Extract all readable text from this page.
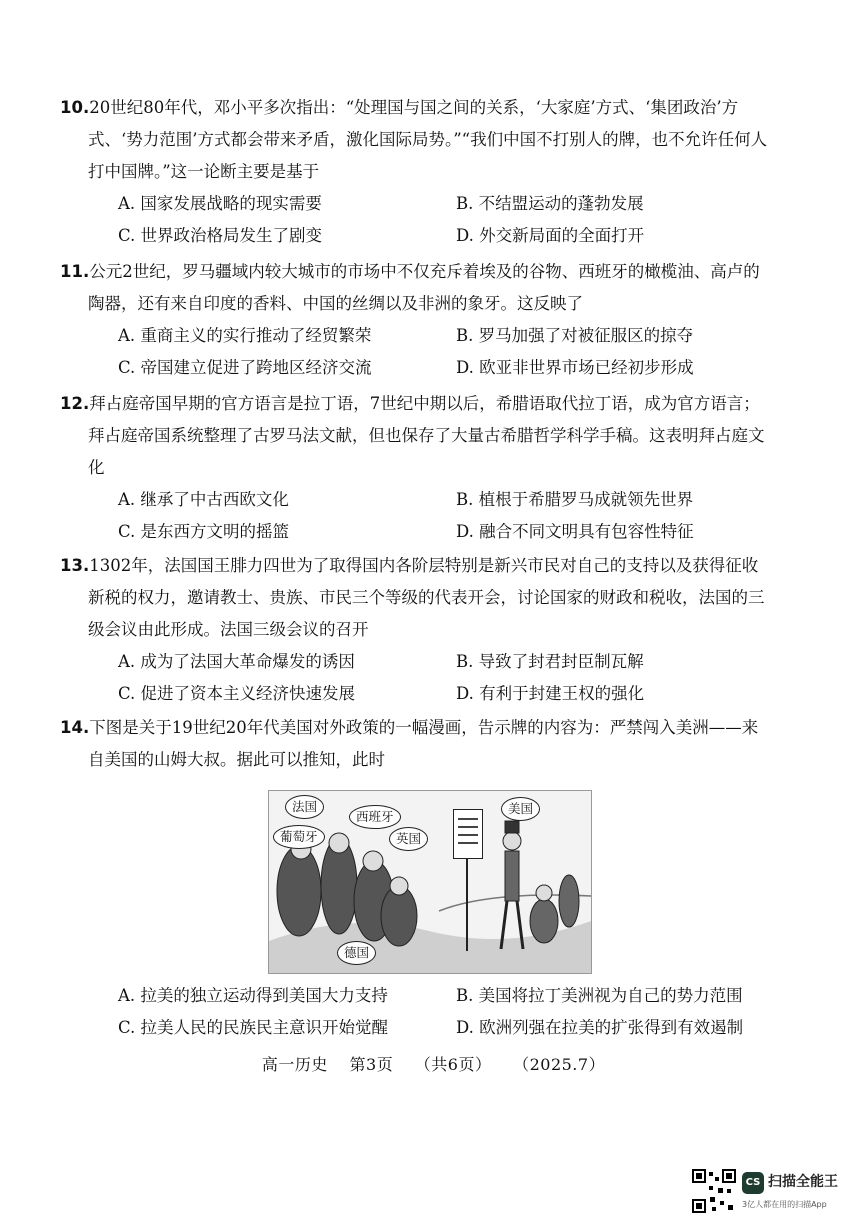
10.20世纪80年代，邓小平多次指出：“处理国与国之间的关系，‘大家庭’方式、‘集团政治’方式、‘势力范围’方式都会带来矛盾，激化国际局势。”“我们中国不打别人的牌，也不允许任何人打中国牌。”这一论断主要是基于
A. 国家发展战略的现实需要	B. 不结盟运动的蓬勃发展
C. 世界政治格局发生了剧变	D. 外交新局面的全面打开
11.公元2世纪，罗马疆域内较大城市的市场中不仅充斥着埃及的谷物、西班牙的橄榄油、高卢的陶器，还有来自印度的香料、中国的丝绸以及非洲的象牙。这反映了
A. 重商主义的实行推动了经贸繁荣	B. 罗马加强了对被征服区的掠夺
C. 帝国建立促进了跨地区经济交流	D. 欧亚非世界市场已经初步形成
12.拜占庭帝国早期的官方语言是拉丁语，7世纪中期以后，希腊语取代拉丁语，成为官方语言；拜占庭帝国系统整理了古罗马法文献，但也保存了大量古希腊哲学科学手稿。这表明拜占庭文化
A. 继承了中古西欧文化	B. 植根于希腊罗马成就领先世界
C. 是东西方文明的摇篮	D. 融合不同文明具有包容性特征
13.1302年，法国国王腓力四世为了取得国内各阶层特别是新兴市民对自己的支持以及获得征收新税的权力，邀请教士、贵族、市民三个等级的代表开会，讨论国家的财政和税收，法国的三级会议由此形成。法国三级会议的召开
A. 成为了法国大革命爆发的诱因	B. 导致了封君封臣制瓦解
C. 促进了资本主义经济快速发展	D. 有利于封建王权的强化
14.下图是关于19世纪20年代美国对外政策的一幅漫画，告示牌的内容为：严禁闯入美洲——来自美国的山姆大叔。据此可以推知，此时
法国
西班牙
葡萄牙	英国
美国
德国
A. 拉美的独立运动得到美国大力支持	B. 美国将拉丁美洲视为自己的势力范围
C. 拉美人民的民族民主意识开始觉醒	D. 欧洲列强在拉美的扩张得到有效遏制
高一历史 第3页 （共6页） （2025.7）
CS 扫描全能王
3亿人都在用的扫描App
